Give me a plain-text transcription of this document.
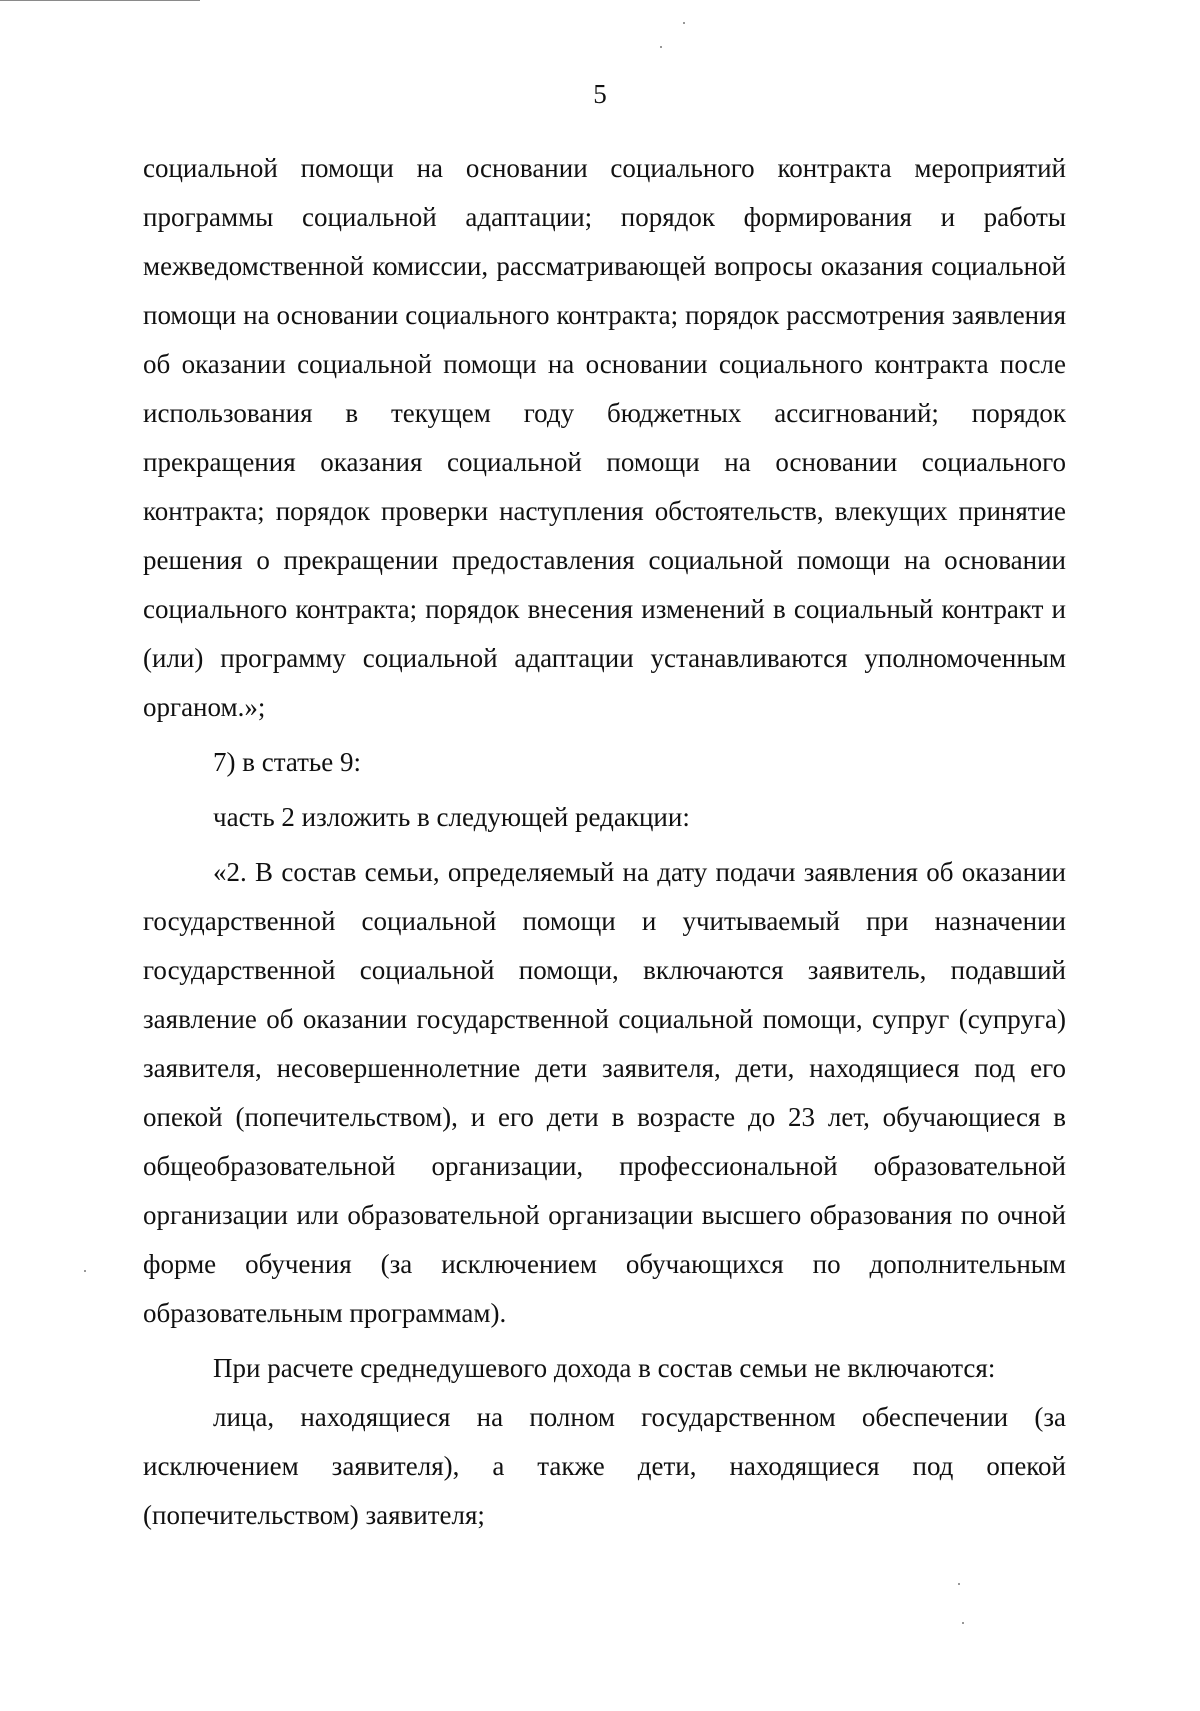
5

социальной помощи на основании социального контракта мероприятий программы социальной адаптации; порядок формирования и работы межведомственной комиссии, рассматривающей вопросы оказания социальной помощи на основании социального контракта; порядок рассмотрения заявления об оказании социальной помощи на основании социального контракта после использования в текущем году бюджетных ассигнований; порядок прекращения оказания социальной помощи на основании социального контракта; порядок проверки наступления обстоятельств, влекущих принятие решения о прекращении предоставления социальной помощи на основании социального контракта; порядок внесения изменений в социальный контракт и (или) программу социальной адаптации устанавливаются уполномоченным органом.»;

7) в статье 9:

часть 2 изложить в следующей редакции:

«2. В состав семьи, определяемый на дату подачи заявления об оказании государственной социальной помощи и учитываемый при назначении государственной социальной помощи, включаются заявитель, подавший заявление об оказании государственной социальной помощи, супруг (супруга) заявителя, несовершеннолетние дети заявителя, дети, находящиеся под его опекой (попечительством), и его дети в возрасте до 23 лет, обучающиеся в общеобразовательной организации, профессиональной образовательной организации или образовательной организации высшего образования по очной форме обучения (за исключением обучающихся по дополнительным образовательным программам).

При расчете среднедушевого дохода в состав семьи не включаются:

лица, находящиеся на полном государственном обеспечении (за исключением заявителя), а также дети, находящиеся под опекой (попечительством) заявителя;
